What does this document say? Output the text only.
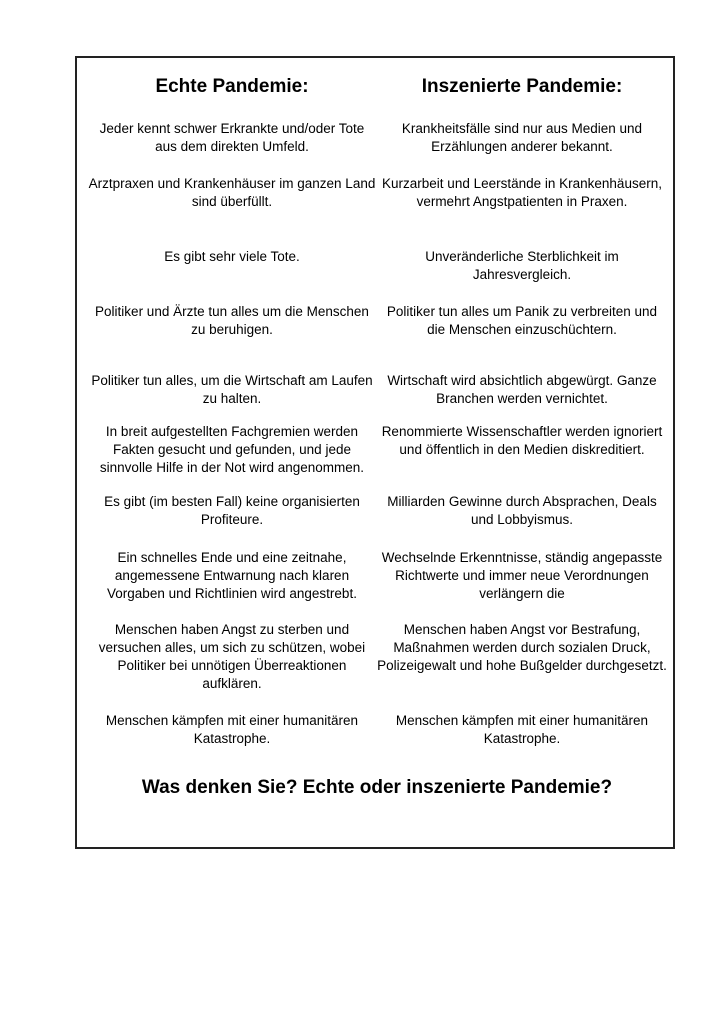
Echte Pandemie:	Inszenierte Pandemie:
Jeder kennt schwer Erkrankte und/oder Tote aus dem direkten Umfeld.
Krankheitsfälle sind nur aus Medien und Erzählungen anderer bekannt.
Arztpraxen und Krankenhäuser im ganzen Land sind überfüllt.
Kurzarbeit und Leerstände in Krankenhäusern, vermehrt Angstpatienten in Praxen.
Es gibt sehr viele Tote.	Unveränderliche Sterblichkeit im Jahresvergleich.
Politiker und Ärzte tun alles um die Menschen zu beruhigen.
Politiker tun alles um Panik zu verbreiten und die Menschen einzuschüchtern.
Politiker tun alles, um die Wirtschaft am Laufen zu halten.
Wirtschaft wird absichtlich abgewürgt. Ganze Branchen werden vernichtet.
In breit aufgestellten Fachgremien werden Fakten gesucht und gefunden, und jede sinnvolle Hilfe in der Not wird angenommen.
Renommierte Wissenschaftler werden ignoriert und öffentlich in den Medien diskreditiert.
Es gibt (im besten Fall) keine organisierten Profiteure.
Milliarden Gewinne durch Absprachen, Deals und Lobbyismus.
Ein schnelles Ende und eine zeitnahe, angemessene Entwarnung nach klaren Vorgaben und Richtlinien wird angestrebt.
Wechselnde Erkenntnisse, ständig angepasste Richtwerte und immer neue Verordnungen verlängern die
Menschen haben Angst zu sterben und versuchen alles, um sich zu schützen, wobei Politiker bei unnötigen Überreaktionen aufklären.
Menschen haben Angst vor Bestrafung, Maßnahmen werden durch sozialen Druck, Polizeigewalt und hohe Bußgelder durchgesetzt.
Menschen kämpfen mit einer humanitären Katastrophe.
Menschen kämpfen mit einer humanitären Katastrophe.
Was denken Sie? Echte oder inszenierte Pandemie?
